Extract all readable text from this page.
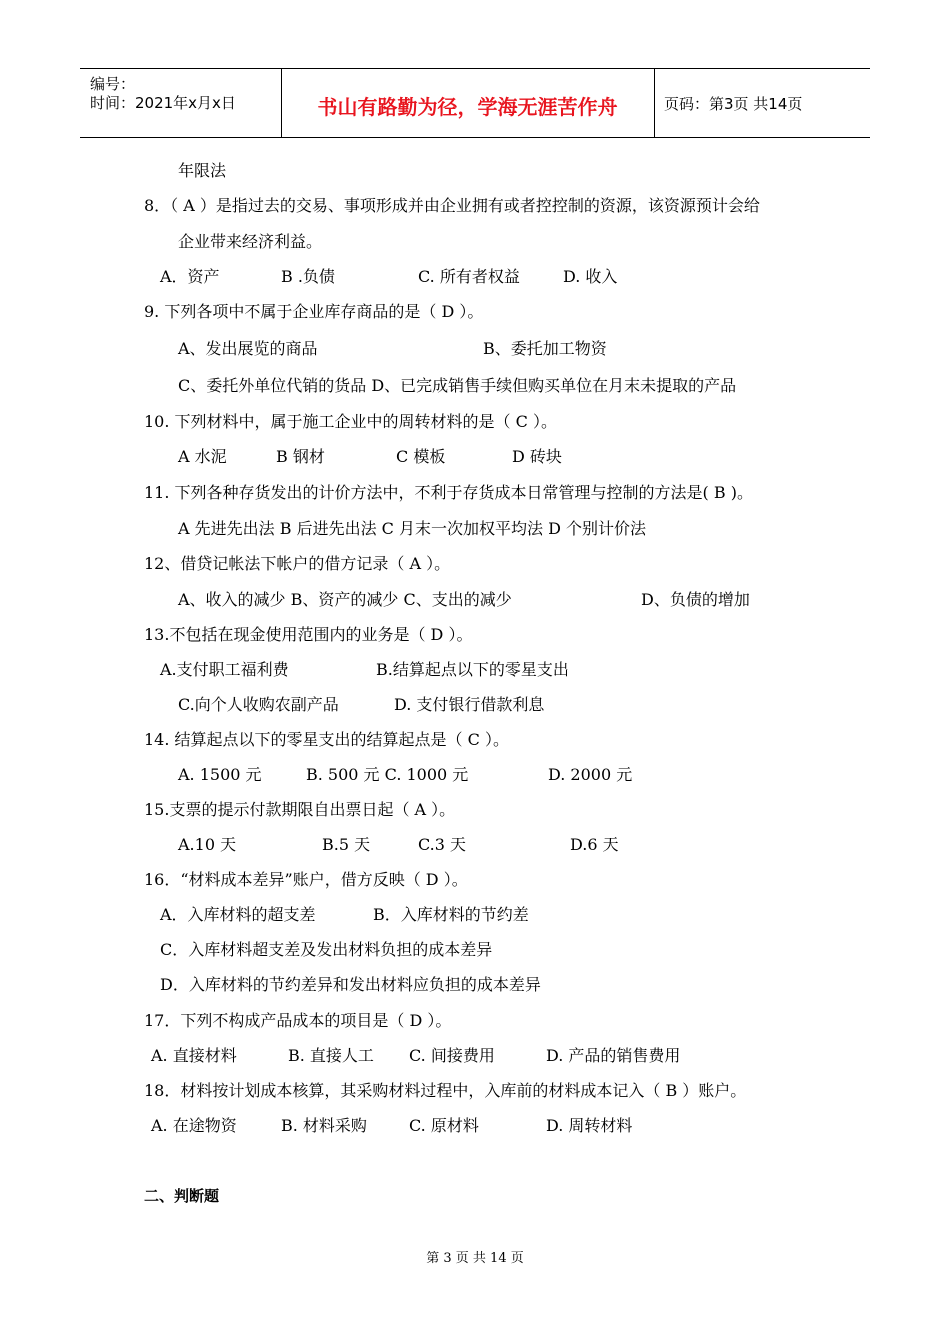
编号：
时间：2021年x月x日	书山有路勤为径，学海无涯苦作舟	页码：第3页 共14页
年限法
8．（ A ）是指过去的交易、事项形成并由企业拥有或者控控制的资源，该资源预计会给
企业带来经济利益。
A．资产	B .负债	C. 所有者权益	D. 收入
9. 下列各项中不属于企业库存商品的是（ D ）。
A、发出展览的商品	B、委托加工物资
C、委托外单位代销的货品 D、已完成销售手续但购买单位在月末未提取的产品
10. 下列材料中，属于施工企业中的周转材料的是（ C ）。
A 水泥	B 钢材	C 模板	D 砖块
11. 下列各种存货发出的计价方法中，不利于存货成本日常管理与控制的方法是( B )。
A 先进先出法 B 后进先出法 C 月末一次加权平均法 D 个别计价法
12、借贷记帐法下帐户的借方记录（ A ）。
A、收入的减少 B、资产的减少 C、支出的减少	D、负债的增加
13.不包括在现金使用范围内的业务是（ D ）。
A.支付职工福利费	B.结算起点以下的零星支出
C.向个人收购农副产品	D. 支付银行借款利息
14. 结算起点以下的零星支出的结算起点是（ C ）。
A. 1500 元	B. 500 元 C. 1000 元	D. 2000 元
15.支票的提示付款期限自出票日起（ A ）。
A.10 天	B.5 天	C.3 天	D.6 天
16．“材料成本差异”账户，借方反映（ D ）。
A．入库材料的超支差	B．入库材料的节约差
C．入库材料超支差及发出材料负担的成本差异
D．入库材料的节约差异和发出材料应负担的成本差异
17．下列不构成产品成本的项目是（ D ）。
A. 直接材料	B. 直接人工 C. 间接费用	D. 产品的销售费用
18．材料按计划成本核算，其采购材料过程中，入库前的材料成本记入（ B ）账户。
A. 在途物资	B. 材料采购	C. 原材料	D. 周转材料
二、判断题
第 3 页 共 14 页
